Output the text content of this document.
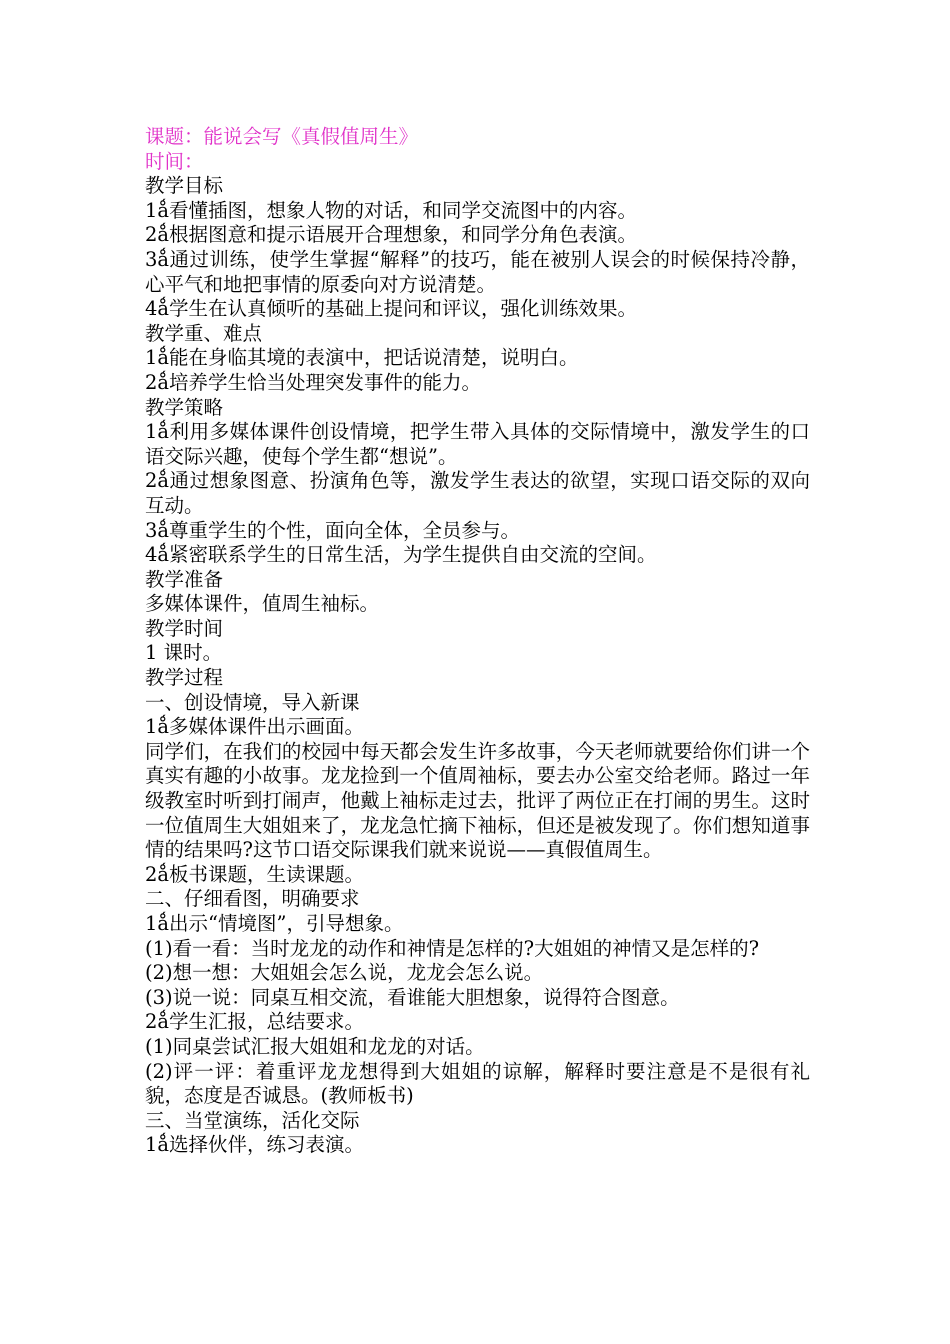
课题：能说会写《真假值周生》
时间：
教学目标
1ǻ看懂插图，想象人物的对话，和同学交流图中的内容。
2ǻ根据图意和提示语展开合理想象，和同学分角色表演。
3ǻ通过训练，使学生掌握“解释”的技巧，能在被别人误会的时候保持冷静，心平气和地把事情的原委向对方说清楚。
4ǻ学生在认真倾听的基础上提问和评议，强化训练效果。
教学重、难点
1ǻ能在身临其境的表演中，把话说清楚，说明白。
2ǻ培养学生恰当处理突发事件的能力。
教学策略
1ǻ利用多媒体课件创设情境，把学生带入具体的交际情境中，激发学生的口语交际兴趣，使每个学生都“想说”。
2ǻ通过想象图意、扮演角色等，激发学生表达的欲望，实现口语交际的双向互动。
3ǻ尊重学生的个性，面向全体，全员参与。
4ǻ紧密联系学生的日常生活，为学生提供自由交流的空间。
教学准备
多媒体课件，值周生袖标。
教学时间
1 课时。
教学过程
一、创设情境，导入新课
1ǻ多媒体课件出示画面。
同学们，在我们的校园中每天都会发生许多故事，今天老师就要给你们讲一个真实有趣的小故事。龙龙捡到一个值周袖标，要去办公室交给老师。路过一年级教室时听到打闹声，他戴上袖标走过去，批评了两位正在打闹的男生。这时一位值周生大姐姐来了，龙龙急忙摘下袖标，但还是被发现了。你们想知道事情的结果吗?这节口语交际课我们就来说说——真假值周生。
2ǻ板书课题，生读课题。
二、仔细看图，明确要求
1ǻ出示“情境图”，引导想象。
(1)看一看：当时龙龙的动作和神情是怎样的?大姐姐的神情又是怎样的?
(2)想一想：大姐姐会怎么说，龙龙会怎么说。
(3)说一说：同桌互相交流，看谁能大胆想象，说得符合图意。
2ǻ学生汇报，总结要求。
(1)同桌尝试汇报大姐姐和龙龙的对话。
(2)评一评：着重评龙龙想得到大姐姐的谅解，解释时要注意是不是很有礼貌，态度是否诚恳。(教师板书)
三、当堂演练，活化交际
1ǻ选择伙伴，练习表演。
